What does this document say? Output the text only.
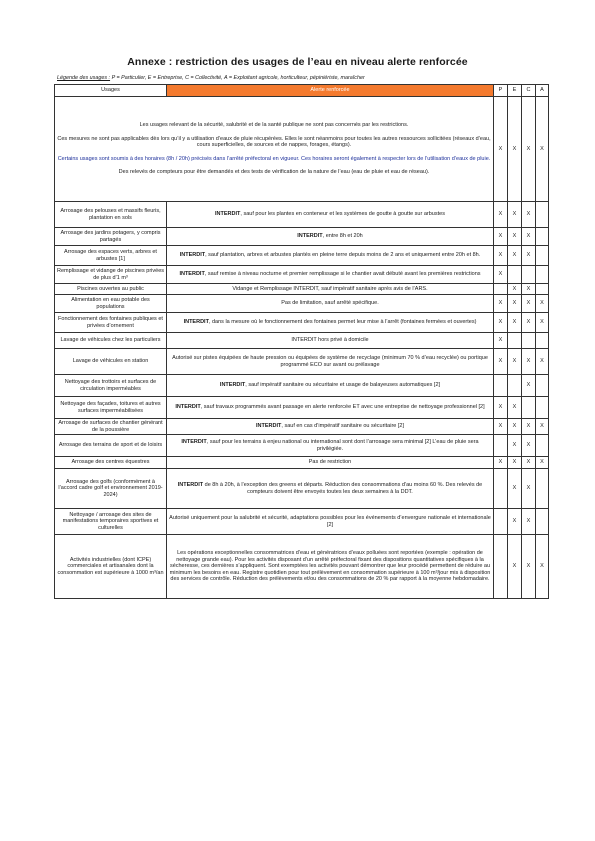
Annexe : restriction des usages de l’eau en niveau alerte renforcée
Légende des usages : P = Particulier, E = Entreprise, C = Collectivité, A = Exploitant agricole, horticulteur, pépiniériste, maraîcher
Usages	Alerte renforcée	P	E	C	A

Les usages relevant de la sécurité, salubrité et de la santé publique ne sont pas concernés par les restrictions.

Ces mesures ne sont pas applicables dès lors qu’il y a utilisation d’eaux de pluie récupérées. Elles le sont néanmoins pour toutes les autres ressources sollicitées (réseaux d’eau, cours superficielles, de sources et de nappes, forages, étangs).

Certains usages sont soumis à des horaires (8h / 20h) précisés dans l’arrêté préfectoral en vigueur. Ces horaires seront également à respecter lors de l’utilisation d’eaux de pluie.

Des relevés de compteurs pour être demandés et des tests de vérification de la nature de l’eau (eau de pluie et eau de réseau).		X	X	X	X
Arrosage des pelouses et massifs fleuris, plantation en sols	INTERDIT, sauf pour les plantes en conteneur et les systèmes de goutte à goutte sur arbustes	X	X	X	
Arrosage des jardins potagers, y compris partagés	INTERDIT, entre 8h et 20h	X	X	X	
Arrosage des espaces verts, arbres et arbustes [1]	INTERDIT, sauf plantation, arbres et arbustes plantés en pleine terre depuis moins de 2 ans et uniquement entre 20h et 8h.	X	X	X	
Remplissage et vidange de piscines privées de plus d’1 m³	INTERDIT, sauf remise à niveau nocturne et premier remplissage si le chantier avait débuté avant les premières restrictions	X			
Piscines ouvertes au public	Vidange et Remplissage INTERDIT, sauf impératif sanitaire après avis de l’ARS.		X	X	
Alimentation en eau potable des populations	Pas de limitation, sauf arrêté spécifique.	X	X	X	X
Fonctionnement des fontaines publiques et privées d’ornement	INTERDIT, dans la mesure où le fonctionnement des fontaines permet leur mise à l’arrêt (fontaines fermées et ouvertes)	X	X	X	X
Lavage de véhicules chez les particuliers	INTERDIT hors privé à domicile	X			
Lavage de véhicules en station	Autorisé sur pistes équipées de haute pression ou équipées de système de recyclage (minimum 70 % d’eau recyclée) ou portique programmé ECO sur avant ou prélavage	X	X	X	X
Nettoyage des trottoirs et surfaces de circulation imperméables	INTERDIT, sauf impératif sanitaire ou sécuritaire et usage de balayeuses automatiques [2]			X	
Nettoyage des façades, toitures et autres surfaces imperméabilisées	INTERDIT, sauf travaux programmés avant passage en alerte renforcée ET avec une entreprise de nettoyage professionnel [2]	X	X		
Arrosage de surfaces de chantier générant de la poussière	INTERDIT, sauf en cas d’impératif sanitaire ou sécuritaire [2]	X	X	X	X
Arrosage des terrains de sport et de loisirs	INTERDIT, sauf pour les terrains à enjeu national ou international sont dont l’arrosage sera minimal [2] L’eau de pluie sera privilégiée.		X	X	
Arrosage des centres équestres	Pas de restriction	X	X	X	X
Arrosage des golfs (conformément à l’accord cadre golf et environnement 2019-2024)	INTERDIT de 8h à 20h, à l’exception des greens et départs. Réduction des consommations d’au moins 60 %. Des relevés de compteurs doivent être envoyés toutes les deux semaines à la DDT.		X	X	
Nettoyage / arrosage des sites de manifestations temporaires sportives et culturelles	Autorisé uniquement pour la salubrité et sécurité, adaptations possibles pour les événements d’envergure nationale et internationale [2]		X	X	
Activités industrielles (dont ICPE) commerciales et artisanales dont la consommation est supérieure à 1000 m³/an	Les opérations exceptionnelles consommatrices d’eau et génératrices d’eaux polluées sont reportées (exemple : opération de nettoyage grande eau). Pour les activités disposant d’un arrêté préfectoral fixant des dispositions quantitatives spécifiques à la sécheresse, ces dernières s’appliquent. Sont exemptées les activités pouvant démontrer que leur procédé permettent de réduire au minimum les besoins en eau. Registre quotidien pour tout prélèvement en consommation supérieure à 100 m³/jour mis à disposition des services de contrôle. Réduction des prélèvements et/ou des consommations de 20 % par rapport à la moyenne hebdomadaire.		X	X	X
